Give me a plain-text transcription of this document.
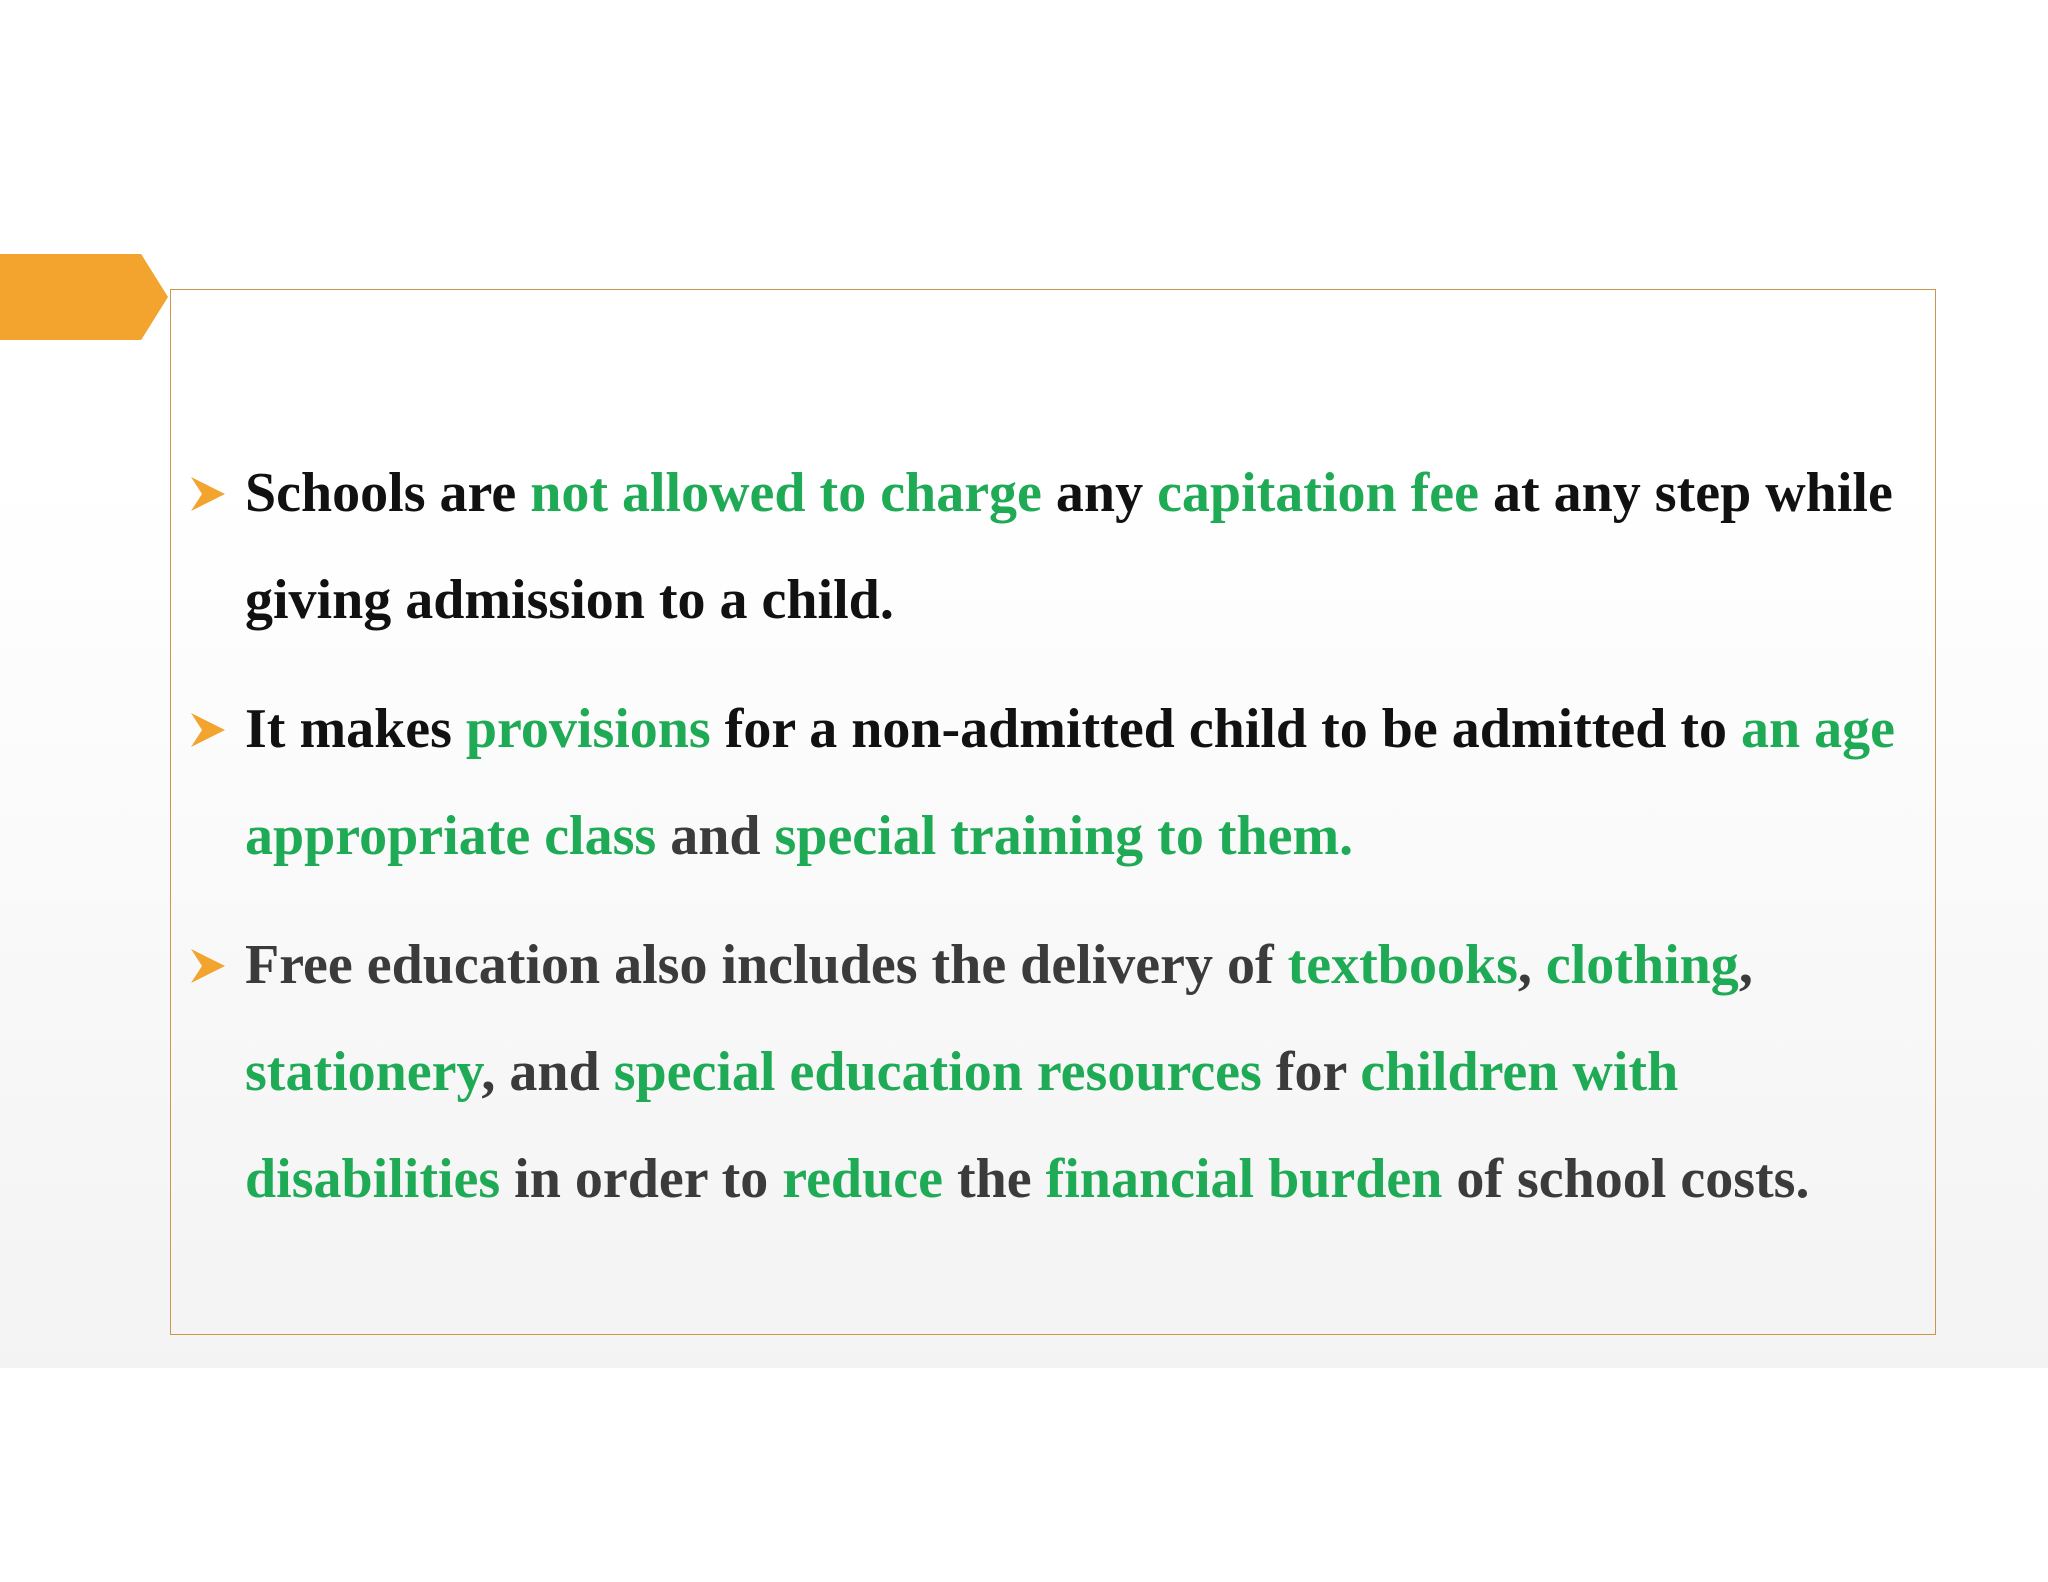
Schools are not allowed to charge any capitation fee at any step while giving admission to a child.
It makes provisions for a non-admitted child to be admitted to an age appropriate class and special training to them.
Free education also includes the delivery of textbooks, clothing, stationery, and special education resources for children with disabilities in order to reduce the financial burden of school costs.
